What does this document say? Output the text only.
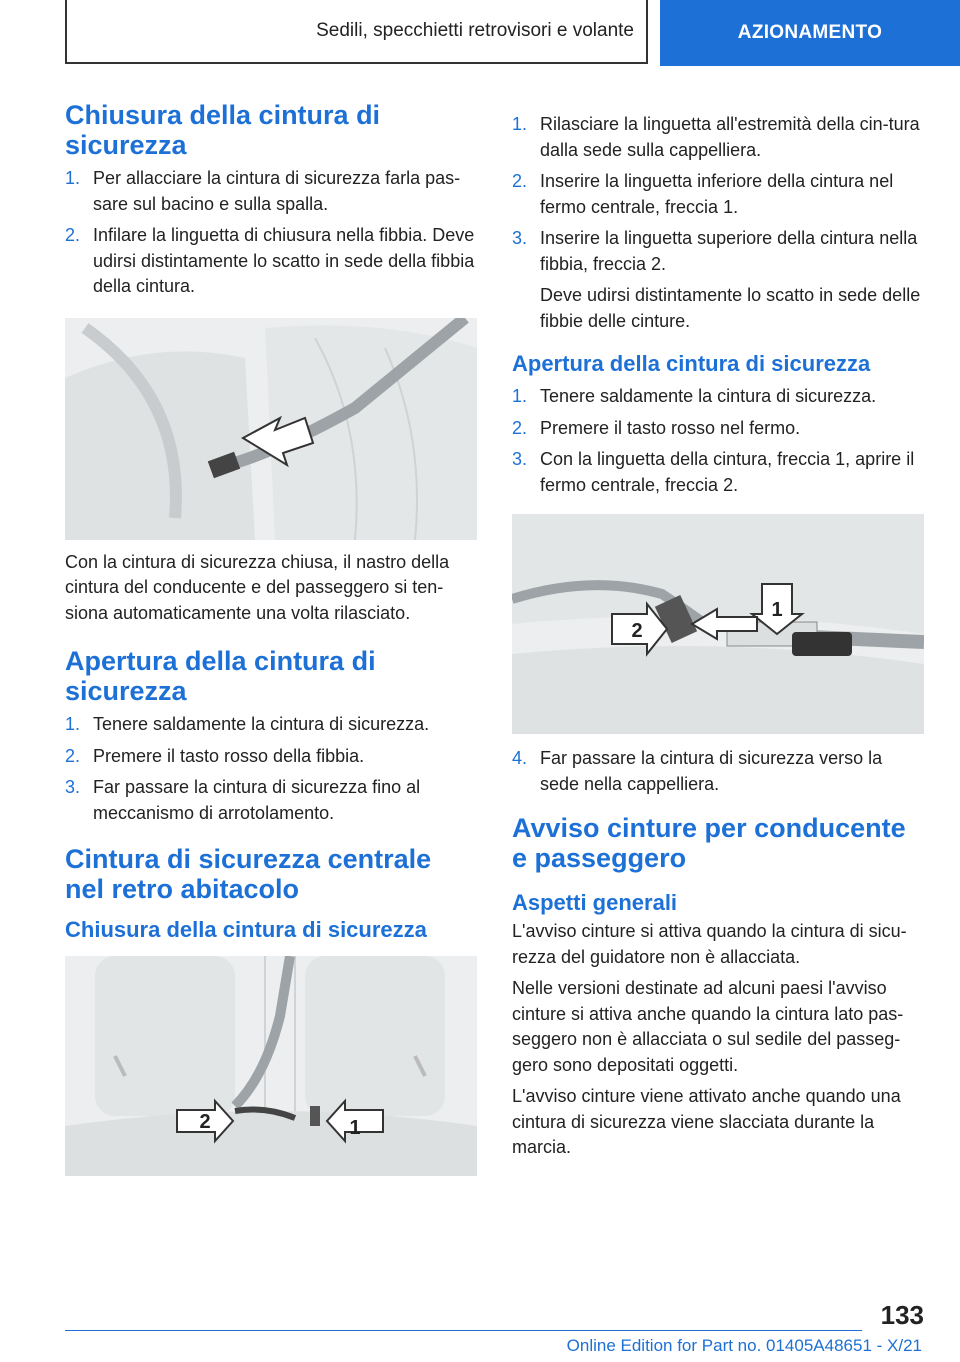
Sedili, specchietti retrovisori e volante	AZIONAMENTO
Chiusura della cintura di sicurezza
1. Per allacciare la cintura di sicurezza farla pas-sare sul bacino e sulla spalla.
2. Infilare la linguetta di chiusura nella fibbia. Deve udirsi distintamente lo scatto in sede della fibbia della cintura.

Con la cintura di sicurezza chiusa, il nastro della cintura del conducente e del passeggero si ten-siona automaticamente una volta rilasciato.

Apertura della cintura di sicurezza
1. Tenere saldamente la cintura di sicurezza.
2. Premere il tasto rosso della fibbia.
3. Far passare la cintura di sicurezza fino al meccanismo di arrotolamento.
Cintura di sicurezza centrale nel retro abitacolo
Chiusura della cintura di sicurezza
2	1
1. Rilasciare la linguetta all'estremità della cin-tura dalla sede sulla cappelliera.
2. Inserire la linguetta inferiore della cintura nel fermo centrale, freccia 1.
3. Inserire la linguetta superiore della cintura nella fibbia, freccia 2.

Deve udirsi distintamente lo scatto in sede delle fibbie delle cinture.

Apertura della cintura di sicurezza
1. Tenere saldamente la cintura di sicurezza.
2. Premere il tasto rosso nel fermo.
3. Con la linguetta della cintura, freccia 1, aprire il fermo centrale, freccia 2.
2
1
4. Far passare la cintura di sicurezza verso la sede nella cappelliera.
Avviso cinture per conducente e passeggero
Aspetti generali

L'avviso cinture si attiva quando la cintura di sicu-rezza del guidatore non è allacciata.

Nelle versioni destinate ad alcuni paesi l'avviso cinture si attiva anche quando la cintura lato pas-seggero non è allacciata o sul sedile del passeg-gero sono depositati oggetti.

L'avviso cinture viene attivato anche quando una cintura di sicurezza viene slacciata durante la marcia.

133
Online Edition for Part no. 01405A48651 - X/21
